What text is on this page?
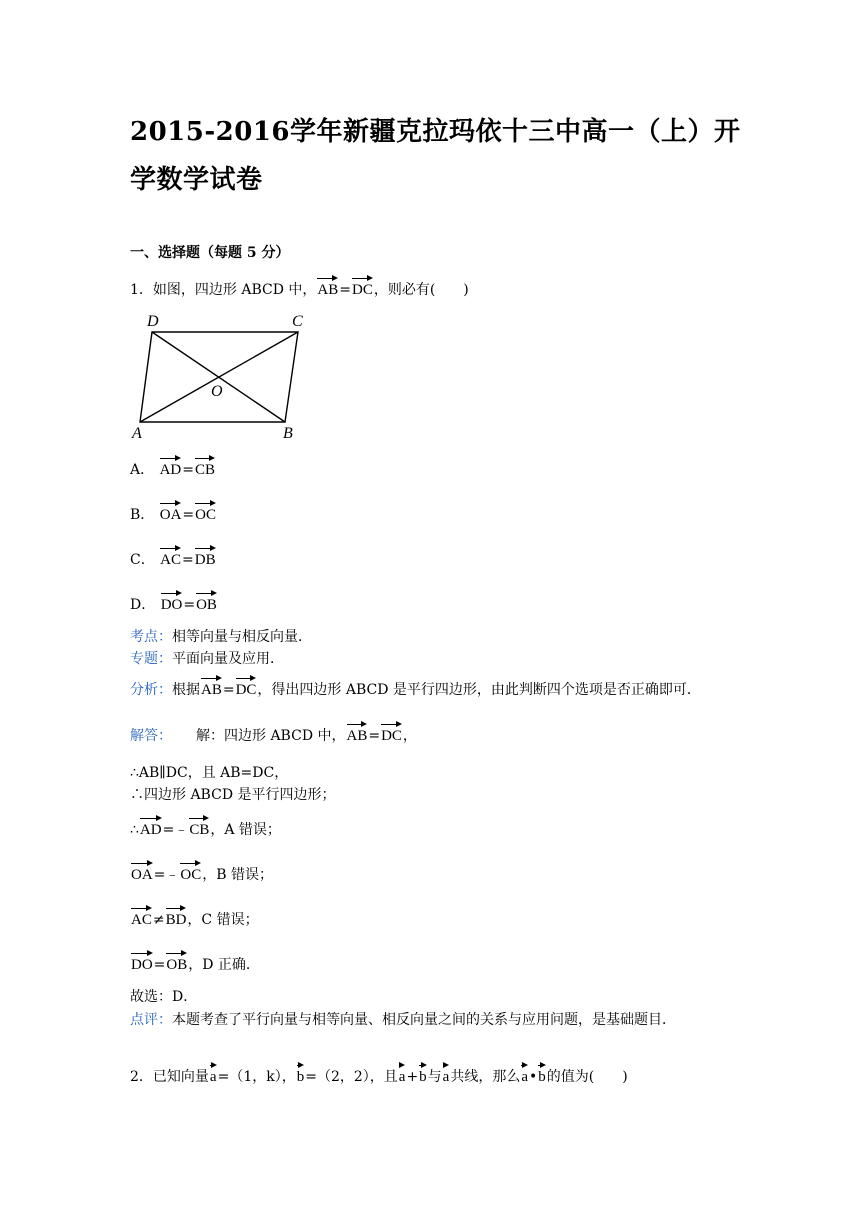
2015-2016学年新疆克拉玛依十三中高一（上）开学数学试卷
一、选择题（每题 5 分）
1．如图，四边形 ABCD 中，AB=DC，则必有(　　)
D	C
O
A	B
A． AD=CB
B． OA=OC
C． AC=DB
D． DO=OB
考点：相等向量与相反向量．
专题：平面向量及应用．
分析：根据AB=DC，得出四边形 ABCD 是平行四边形，由此判断四个选项是否正确即可．
解答： 解：四边形 ABCD 中，AB=DC，
∴AB∥DC，且 AB=DC，
∴四边形 ABCD 是平行四边形；
∴AD=﹣CB，A 错误；
OA=﹣OC，B 错误；
AC≠BD，C 错误；
DO=OB，D 正确．
故选：D．
点评：本题考查了平行向量与相等向量、相反向量之间的关系与应用问题，是基础题目．
2．已知向量a=（1，k），b=（2，2），且a+b与a共线，那么a•b的值为(　　)
